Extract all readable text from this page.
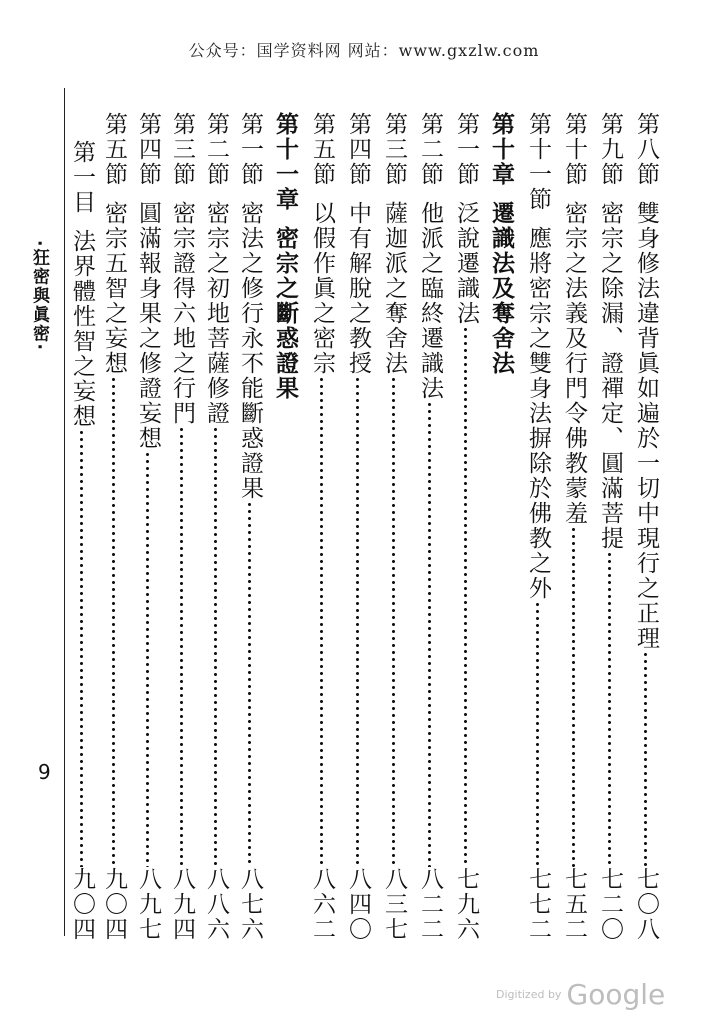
公众号：国学资料网 网站：www.gxzlw.com
·狂密與眞密·
9
第八節
雙身修法違背眞如遍於一切中現行之正理
七〇八
第九節
密宗之除漏、證禪定、圓滿菩提
七二〇
第十節
密宗之法義及行門令佛教蒙羞
七五二
第十一節
應將密宗之雙身法摒除於佛教之外
七七二
第十章
遷識法及奪舍法
第一節
泛說遷識法
七九六
第二節
他派之臨終遷識法
八二二
第三節
薩迦派之奪舍法
八三七
第四節
中有解脫之教授
八四〇
第五節
以假作眞之密宗
八六二
第十一章
密宗之斷惑證果
第一節
密法之修行永不能斷惑證果
八七六
第二節
密宗之初地菩薩修證
八八六
第三節
密宗證得六地之行門
八九四
第四節
圓滿報身果之修證妄想
八九七
第五節
密宗五智之妄想
九〇四
第一目
法界體性智之妄想
九〇四
Digitized by Google
